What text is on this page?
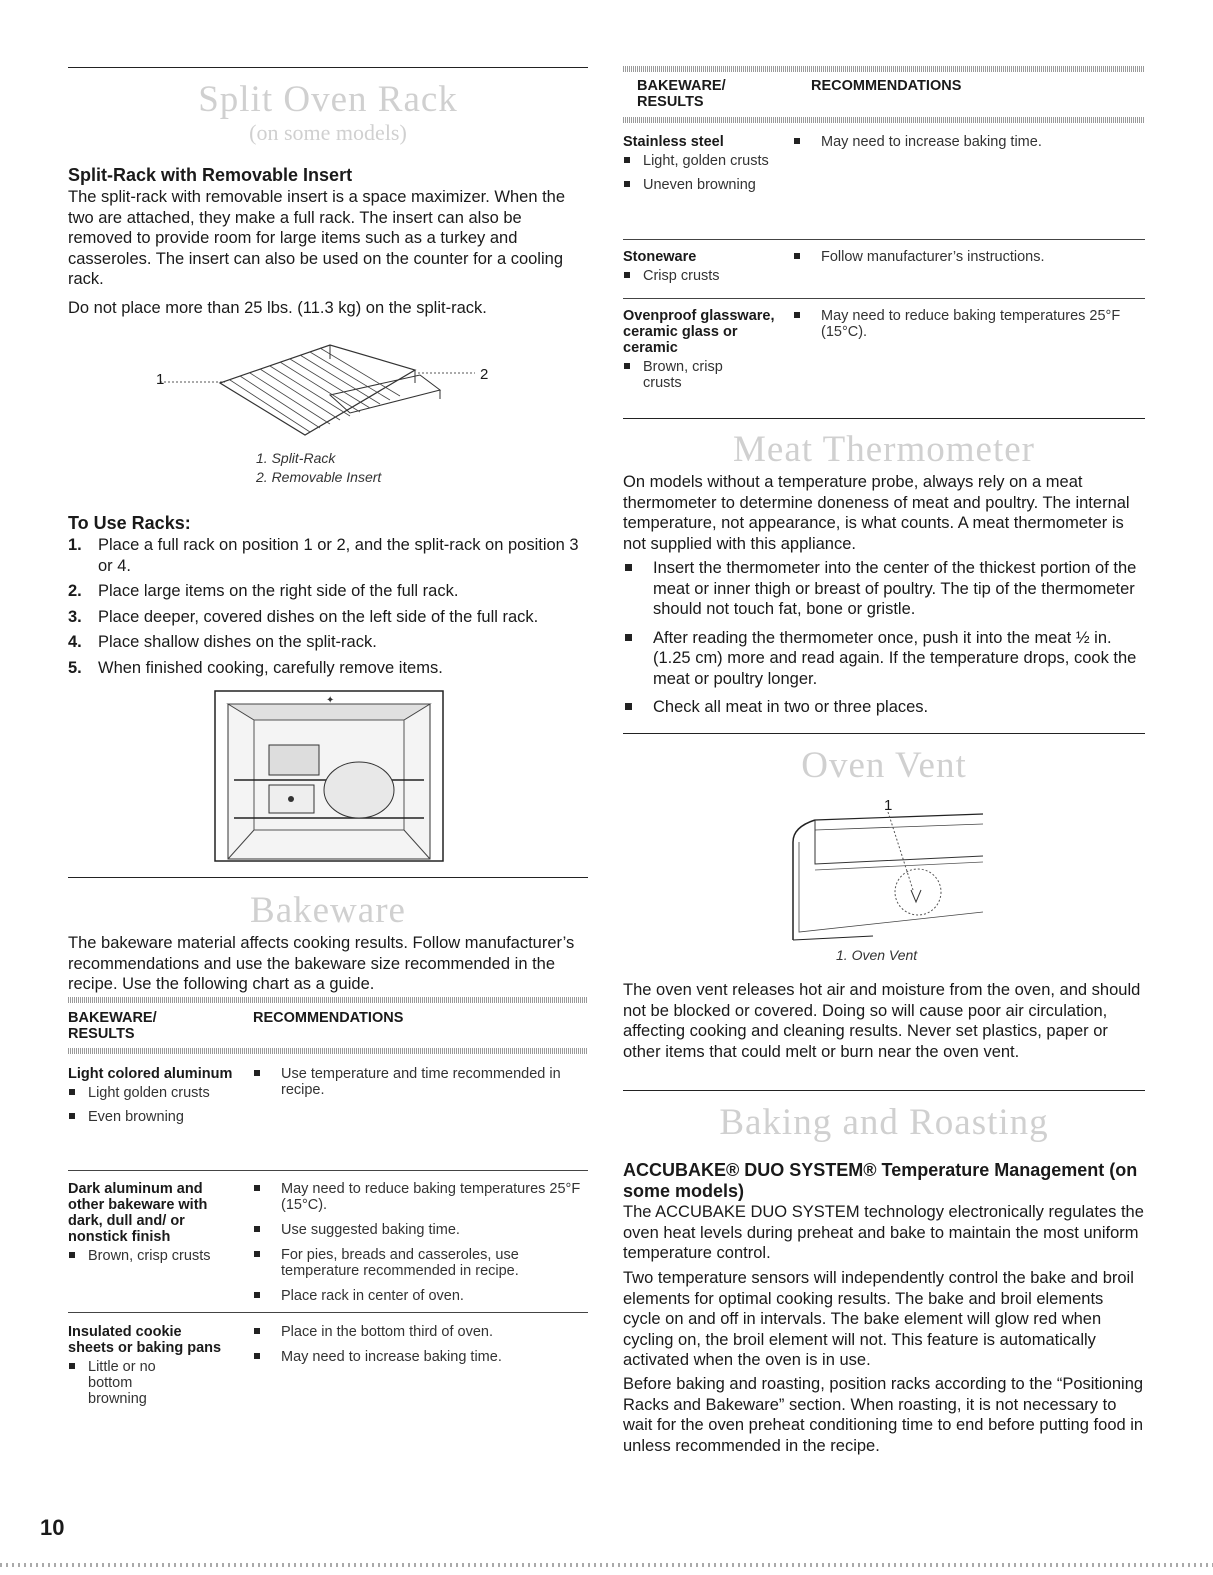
Split Oven Rack
(on some models)
Split-Rack with Removable Insert
The split-rack with removable insert is a space maximizer. When the two are attached, they make a full rack. The insert can also be removed to provide room for large items such as a turkey and casseroles. The insert can also be used on the counter for a cooling rack.
Do not place more than 25 lbs. (11.3 kg) on the split-rack.
1	2
1. Split-Rack
2. Removable Insert
To Use Racks:
1. Place a full rack on position 1 or 2, and the split-rack on position 3 or 4.
2. Place large items on the right side of the full rack.
3. Place deeper, covered dishes on the left side of the full rack.
4. Place shallow dishes on the split-rack.
5. When finished cooking, carefully remove items.
✦
Bakeware
The bakeware material affects cooking results. Follow manufacturer’s recommendations and use the bakeware size recommended in the recipe. Use the following chart as a guide.
BAKEWARE/
RESULTS
RECOMMENDATIONS
Light colored aluminum
Light golden crusts
Even browning
Use temperature and time recommended in recipe.
Dark aluminum and other bakeware with dark, dull and/ or nonstick finish
Brown, crisp crusts
May need to reduce baking temperatures 25°F (15°C).
Use suggested baking time.
For pies, breads and casseroles, use temperature recommended in recipe.
Place rack in center of oven.
Insulated cookie sheets or baking pans
Little or no bottom browning
Place in the bottom third of oven.
May need to increase baking time.
BAKEWARE/
RESULTS
RECOMMENDATIONS
Stainless steel
Light, golden crusts
Uneven browning
May need to increase baking time.
Stoneware
Crisp crusts
Follow manufacturer’s instructions.
Ovenproof glassware, ceramic glass or ceramic
Brown, crisp crusts
May need to reduce baking temperatures 25°F (15°C).
Meat Thermometer
On models without a temperature probe, always rely on a meat thermometer to determine doneness of meat and poultry. The internal temperature, not appearance, is what counts. A meat thermometer is not supplied with this appliance.
Insert the thermometer into the center of the thickest portion of the meat or inner thigh or breast of poultry. The tip of the thermometer should not touch fat, bone or gristle.
After reading the thermometer once, push it into the meat ½ in. (1.25 cm) more and read again. If the temperature drops, cook the meat or poultry longer.
Check all meat in two or three places.
Oven Vent
1
1. Oven Vent
The oven vent releases hot air and moisture from the oven, and should not be blocked or covered. Doing so will cause poor air circulation, affecting cooking and cleaning results. Never set plastics, paper or other items that could melt or burn near the oven vent.
Baking and Roasting
ACCUBAKE® DUO SYSTEM® Temperature Management (on some models)
The ACCUBAKE DUO SYSTEM technology electronically regulates the oven heat levels during preheat and bake to maintain the most uniform temperature control.
Two temperature sensors will independently control the bake and broil elements for optimal cooking results. The bake and broil elements cycle on and off in intervals. The bake element will glow red when cycling on, the broil element will not. This feature is automatically activated when the oven is in use.
Before baking and roasting, position racks according to the “Positioning Racks and Bakeware” section. When roasting, it is not necessary to wait for the oven preheat conditioning time to end before putting food in unless recommended in the recipe.
10
